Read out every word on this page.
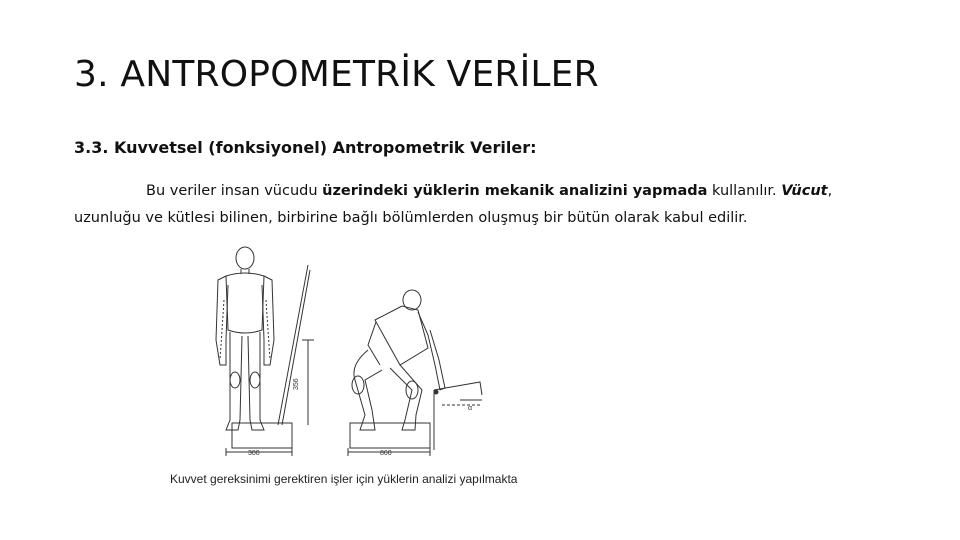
3. ANTROPOMETRİK VERİLER
3.3. Kuvvetsel (fonksiyonel) Antropometrik Veriler:

Bu veriler insan vücudu üzerindeki yüklerin mekanik analizini yapmada kullanılır. Vücut,
uzunluğu ve kütlesi bilinen, birbirine bağlı bölümlerden oluşmuş bir bütün olarak kabul edilir.

300
356
860
α
Kuvvet gereksinimi gerektiren işler için yüklerin analizi yapılmakta
